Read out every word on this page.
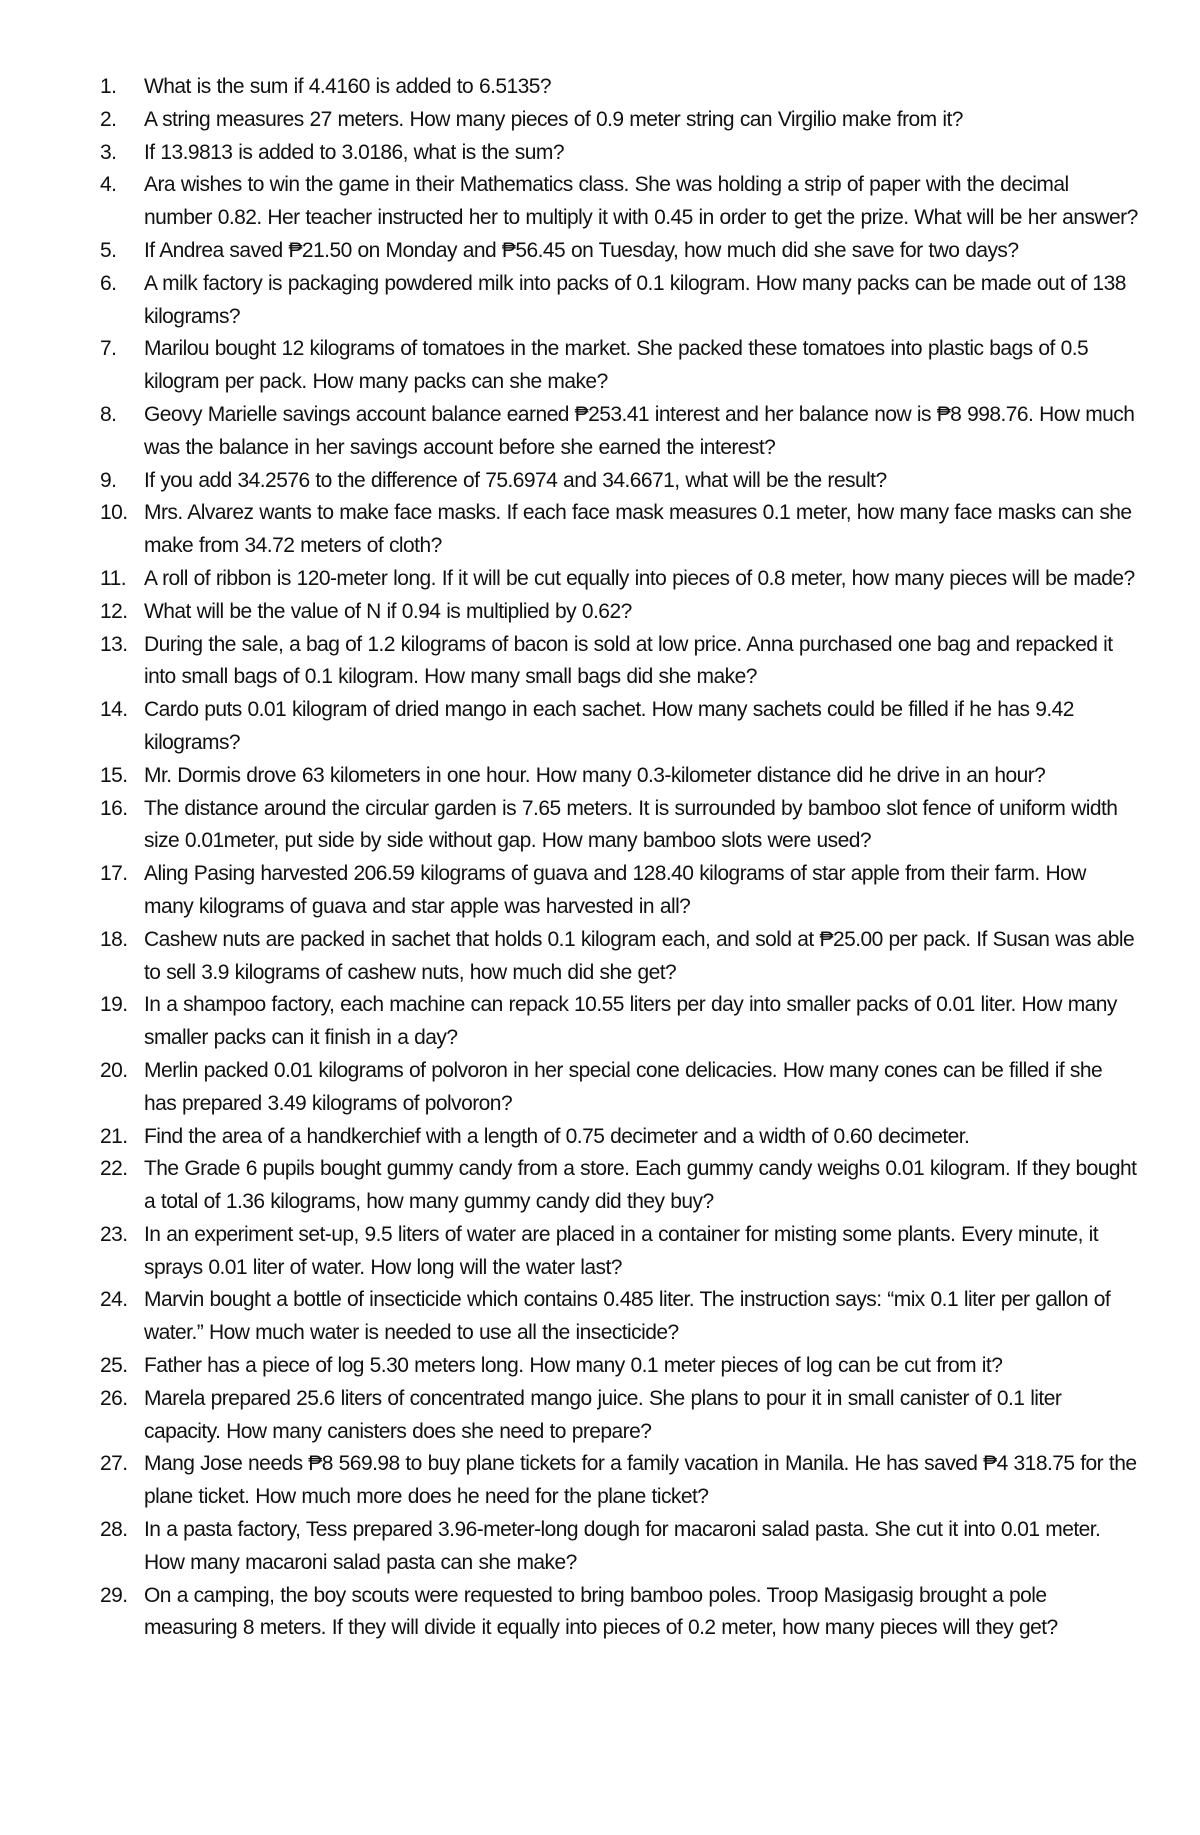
1.	What is the sum if 4.4160 is added to 6.5135?
2.	A string measures 27 meters. How many pieces of 0.9 meter string can Virgilio make from it?
3.	If 13.9813 is added to 3.0186, what is the sum?
4.	Ara wishes to win the game in their Mathematics class. She was holding a strip of paper with the decimal number 0.82. Her teacher instructed her to multiply it with 0.45 in order to get the prize. What will be her answer?
5.	If Andrea saved ₱21.50 on Monday and ₱56.45 on Tuesday, how much did she save for two days?
6.	A milk factory is packaging powdered milk into packs of 0.1 kilogram. How many packs can be made out of 138 kilograms?
7.	Marilou bought 12 kilograms of tomatoes in the market. She packed these tomatoes into plastic bags of 0.5 kilogram per pack. How many packs can she make?
8.	Geovy Marielle savings account balance earned ₱253.41 interest and her balance now is ₱8 998.76. How much was the balance in her savings account before she earned the interest?
9.	If you add 34.2576 to the difference of 75.6974 and 34.6671, what will be the result?
10. Mrs. Alvarez wants to make face masks. If each face mask measures 0.1 meter, how many face masks can she make from 34.72 meters of cloth?
11. A roll of ribbon is 120-meter long. If it will be cut equally into pieces of 0.8 meter, how many pieces will be made?
12. What will be the value of N if 0.94 is multiplied by 0.62?
13. During the sale, a bag of 1.2 kilograms of bacon is sold at low price. Anna purchased one bag and repacked it into small bags of 0.1 kilogram. How many small bags did she make?
14. Cardo puts 0.01 kilogram of dried mango in each sachet. How many sachets could be filled if he has 9.42 kilograms?
15. Mr. Dormis drove 63 kilometers in one hour. How many 0.3-kilometer distance did he drive in an hour?
16. The distance around the circular garden is 7.65 meters. It is surrounded by bamboo slot fence of uniform width size 0.01meter, put side by side without gap. How many bamboo slots were used?
17. Aling Pasing harvested 206.59 kilograms of guava and 128.40 kilograms of star apple from their farm. How many kilograms of guava and star apple was harvested in all?
18. Cashew nuts are packed in sachet that holds 0.1 kilogram each, and sold at ₱25.00 per pack. If Susan was able to sell 3.9 kilograms of cashew nuts, how much did she get?
19. In a shampoo factory, each machine can repack 10.55 liters per day into smaller packs of 0.01 liter. How many smaller packs can it finish in a day?
20. Merlin packed 0.01 kilograms of polvoron in her special cone delicacies. How many cones can be filled if she has prepared 3.49 kilograms of polvoron?
21. Find the area of a handkerchief with a length of 0.75 decimeter and a width of 0.60 decimeter.
22. The Grade 6 pupils bought gummy candy from a store. Each gummy candy weighs 0.01 kilogram. If they bought a total of 1.36 kilograms, how many gummy candy did they buy?
23. In an experiment set-up, 9.5 liters of water are placed in a container for misting some plants. Every minute, it sprays 0.01 liter of water. How long will the water last?
24. Marvin bought a bottle of insecticide which contains 0.485 liter. The instruction says: “mix 0.1 liter per gallon of water.” How much water is needed to use all the insecticide?
25. Father has a piece of log 5.30 meters long. How many 0.1 meter pieces of log can be cut from it?
26. Marela prepared 25.6 liters of concentrated mango juice. She plans to pour it in small canister of 0.1 liter capacity. How many canisters does she need to prepare?
27. Mang Jose needs ₱8 569.98 to buy plane tickets for a family vacation in Manila. He has saved ₱4 318.75 for the plane ticket. How much more does he need for the plane ticket?
28. In a pasta factory, Tess prepared 3.96-meter-long dough for macaroni salad pasta. She cut it into 0.01 meter. How many macaroni salad pasta can she make?
29. On a camping, the boy scouts were requested to bring bamboo poles. Troop Masigasig brought a pole measuring 8 meters. If they will divide it equally into pieces of 0.2 meter, how many pieces will they get?
